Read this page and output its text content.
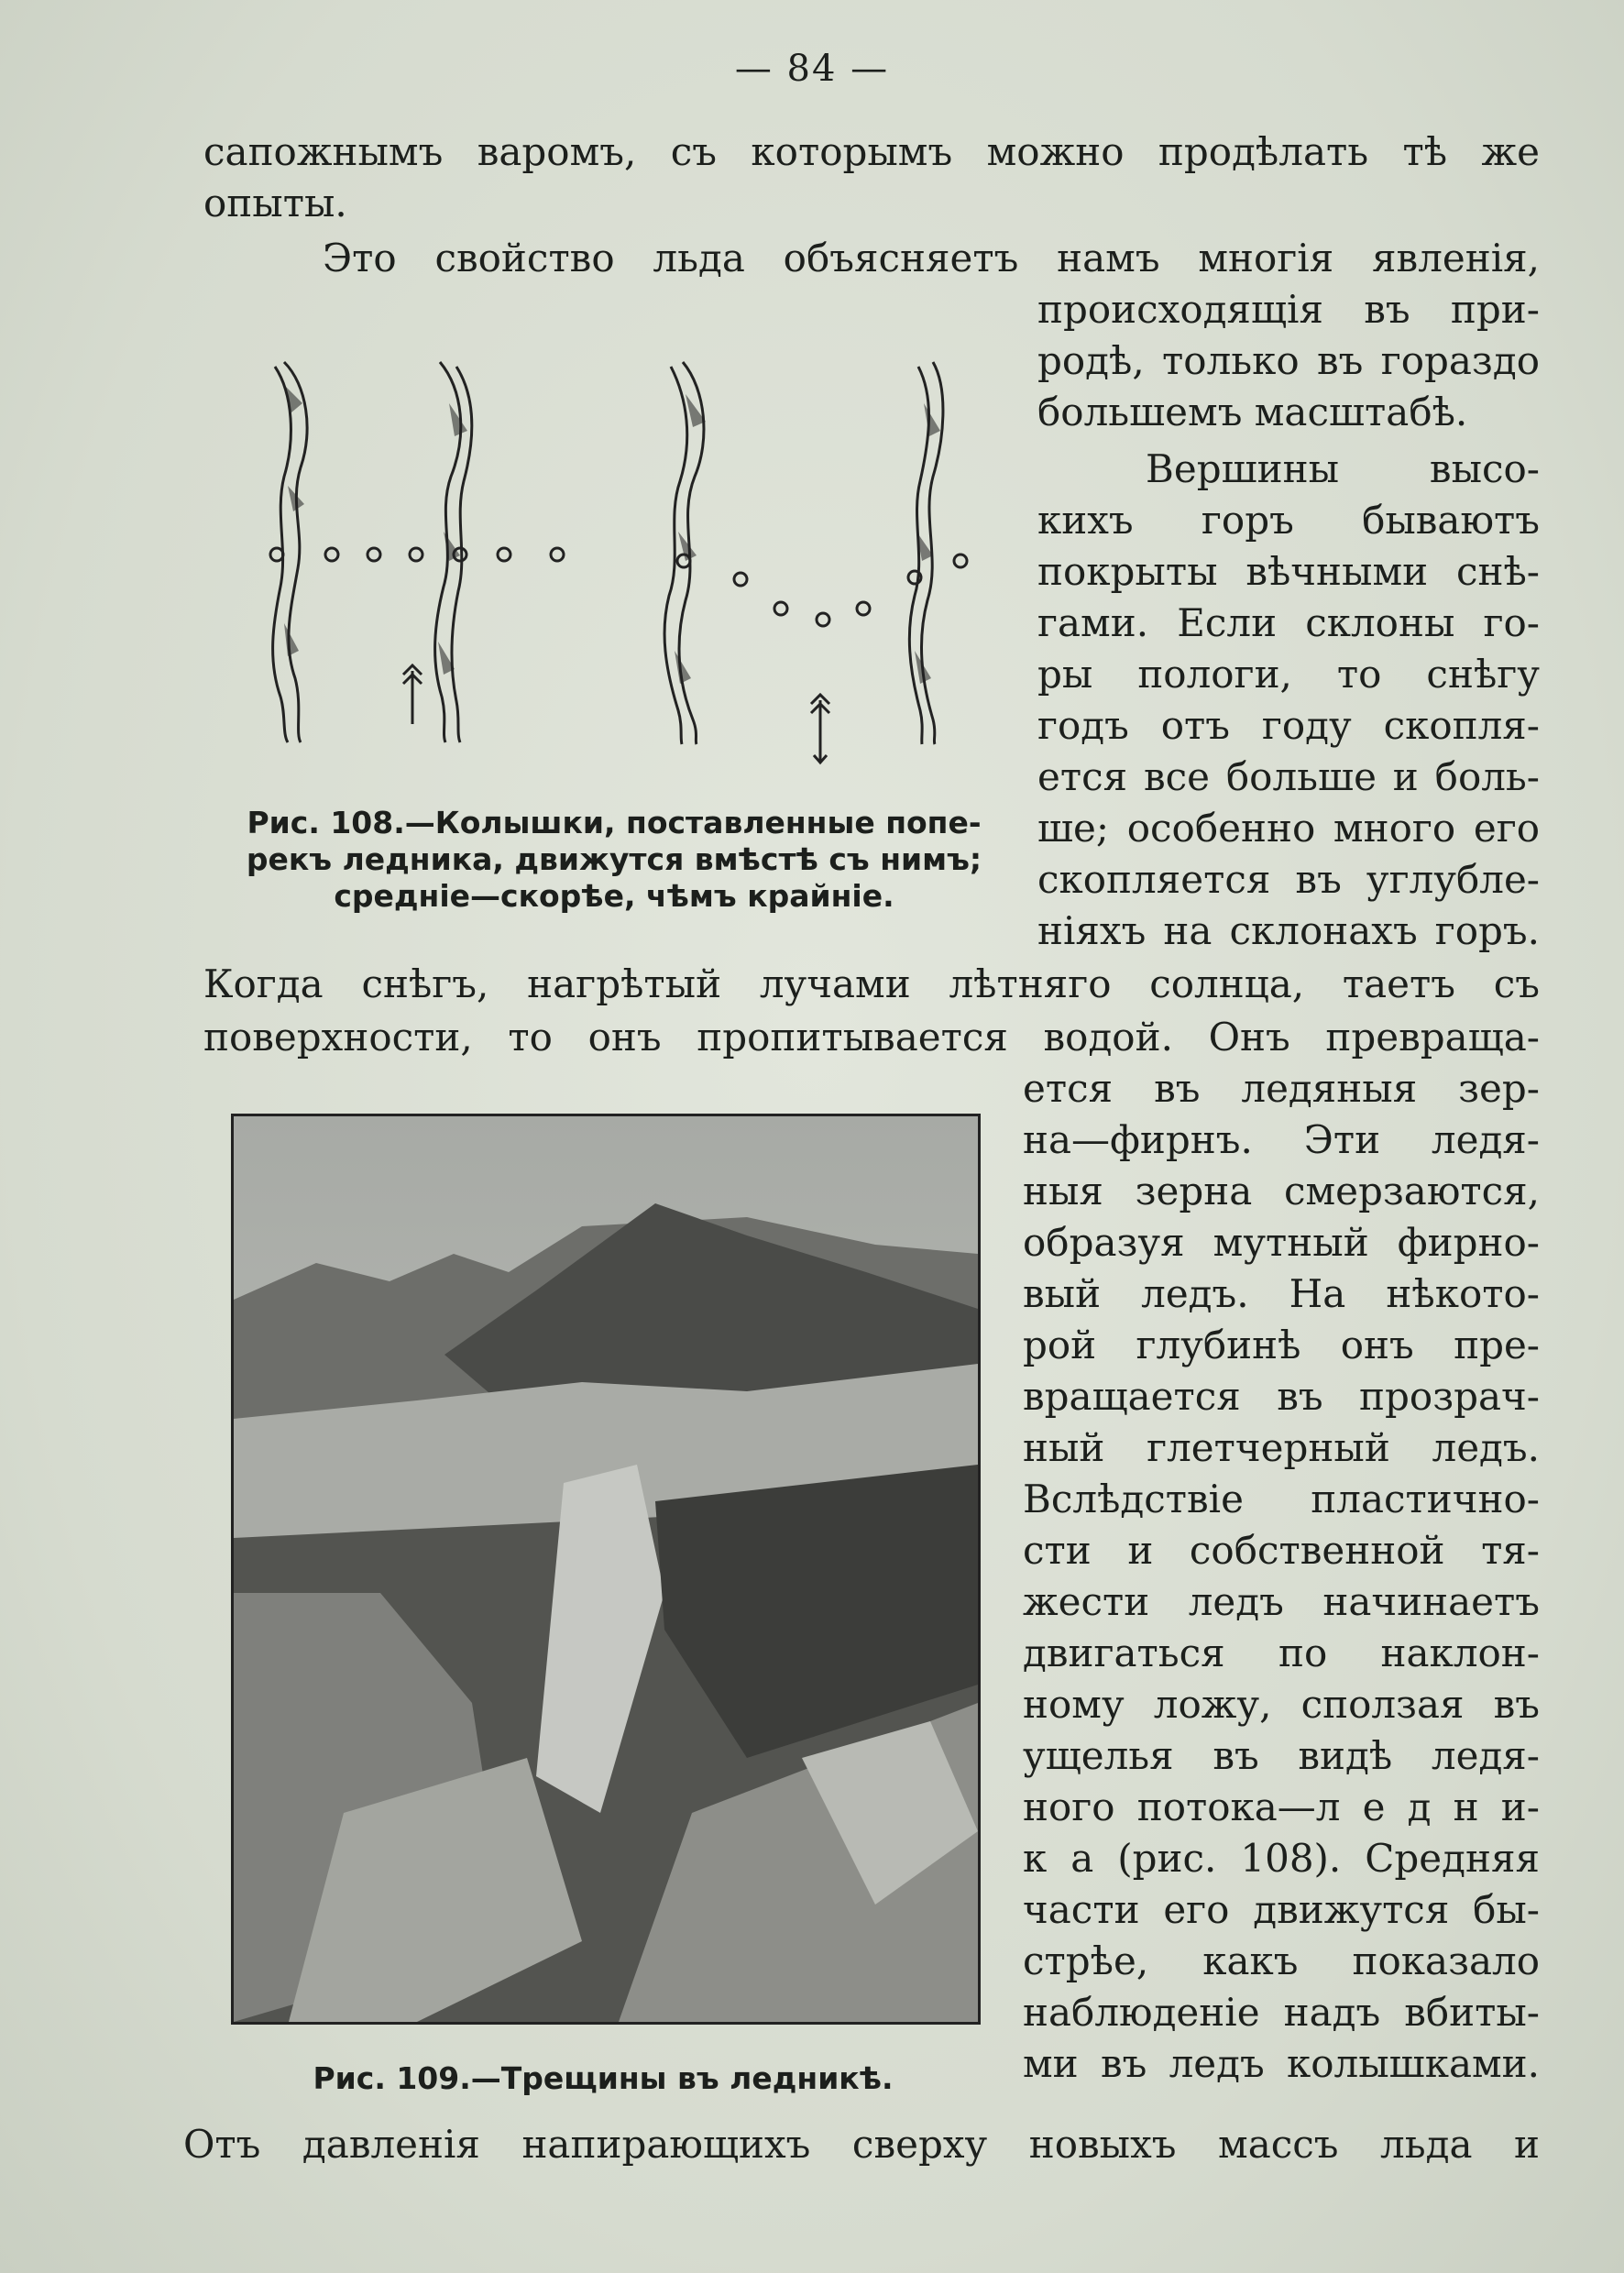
— 84 —
сапожнымъ варомъ, съ которымъ можно продѣлать тѣ же
опыты.
Это свойство льда объясняетъ намъ многія явленія,
происходящія въ при-
родѣ, только въ гораздо
большемъ масштабѣ.
Вершины высо-
кихъ горъ бываютъ
покрыты вѣчными снѣ-
гами. Если склоны го-
ры пологи, то снѣгу
годъ отъ году скопля-
ется все больше и боль-
ше; особенно много его
скопляется въ углубле-
ніяхъ на склонахъ горъ.
Рис. 108.—Колышки, поставленные попе-
рекъ ледника, движутся вмѣстѣ съ нимъ;
средніе—скорѣе, чѣмъ крайніе.
Когда снѣгъ, нагрѣтый лучами лѣтняго солнца, таетъ съ
поверхности, то онъ пропитывается водой. Онъ превраща-
ется въ ледяныя зер-
на—фирнъ. Эти ледя-
ныя зерна смерзаются,
образуя мутный фирно-
вый ледъ. На нѣкото-
рой глубинѣ онъ пре-
вращается въ прозрач-
ный глетчерный ледъ.
Вслѣдствіе пластично-
сти и собственной тя-
жести ледъ начинаетъ
двигаться по наклон-
ному ложу, сползая въ
ущелья въ видѣ ледя-
ного потока—л е д н и-
к а (рис. 108). Средняя
части его движутся бы-
стрѣе, какъ показало
наблюденіе надъ вбиты-
ми въ ледъ колышками.
Рис. 109.—Трещины въ ледникѣ.
Отъ давленія напирающихъ сверху новыхъ массъ льда и
